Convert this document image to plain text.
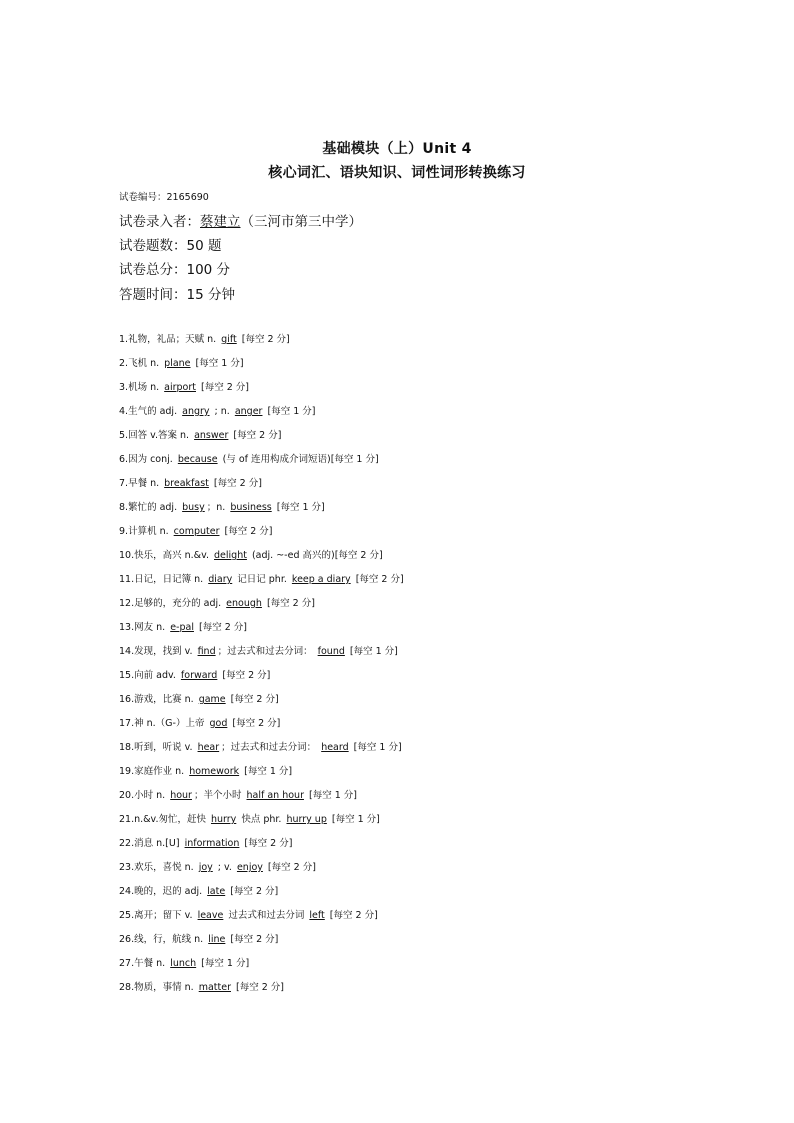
基础模块（上）Unit 4
核心词汇、语块知识、词性词形转换练习
试卷编号：2165690
试卷录入者：蔡建立（三河市第三中学）
试卷题数：50 题
试卷总分：100 分
答题时间：15 分钟
1.礼物，礼品；天赋 n. gift [每空 2 分]
2.飞机 n. plane [每空 1 分]
3.机场 n. airport [每空 2 分]
4.生气的 adj. angry ; n. anger [每空 1 分]
5.回答 v.答案 n. answer [每空 2 分]
6.因为 conj. because (与 of 连用构成介词短语)[每空 1 分]
7.早餐 n. breakfast [每空 2 分]
8.繁忙的 adj. busy ；n. business [每空 1 分]
9.计算机 n. computer [每空 2 分]
10.快乐，高兴 n.&v. delight (adj. ~-ed 高兴的)[每空 2 分]
11.日记，日记簿 n. diary 记日记 phr. keep a diary [每空 2 分]
12.足够的，充分的 adj. enough [每空 2 分]
13.网友 n. e-pal [每空 2 分]
14.发现，找到 v. find ；过去式和过去分词： found [每空 1 分]
15.向前 adv. forward [每空 2 分]
16.游戏，比赛 n. game [每空 2 分]
17.神 n.（G-）上帝 god [每空 2 分]
18.听到，听说 v. hear ；过去式和过去分词： heard [每空 1 分]
19.家庭作业 n. homework [每空 1 分]
20.小时 n. hour ；半个小时 half an hour [每空 1 分]
21.n.&v.匆忙，赶快 hurry 快点 phr. hurry up [每空 1 分]
22.消息 n.[U] information [每空 2 分]
23.欢乐，喜悦 n. joy ; v. enjoy [每空 2 分]
24.晚的，迟的 adj. late [每空 2 分]
25.离开；留下 v. leave 过去式和过去分词 left [每空 2 分]
26.线，行，航线 n. line [每空 2 分]
27.午餐 n. lunch [每空 1 分]
28.物质，事情 n. matter [每空 2 分]
